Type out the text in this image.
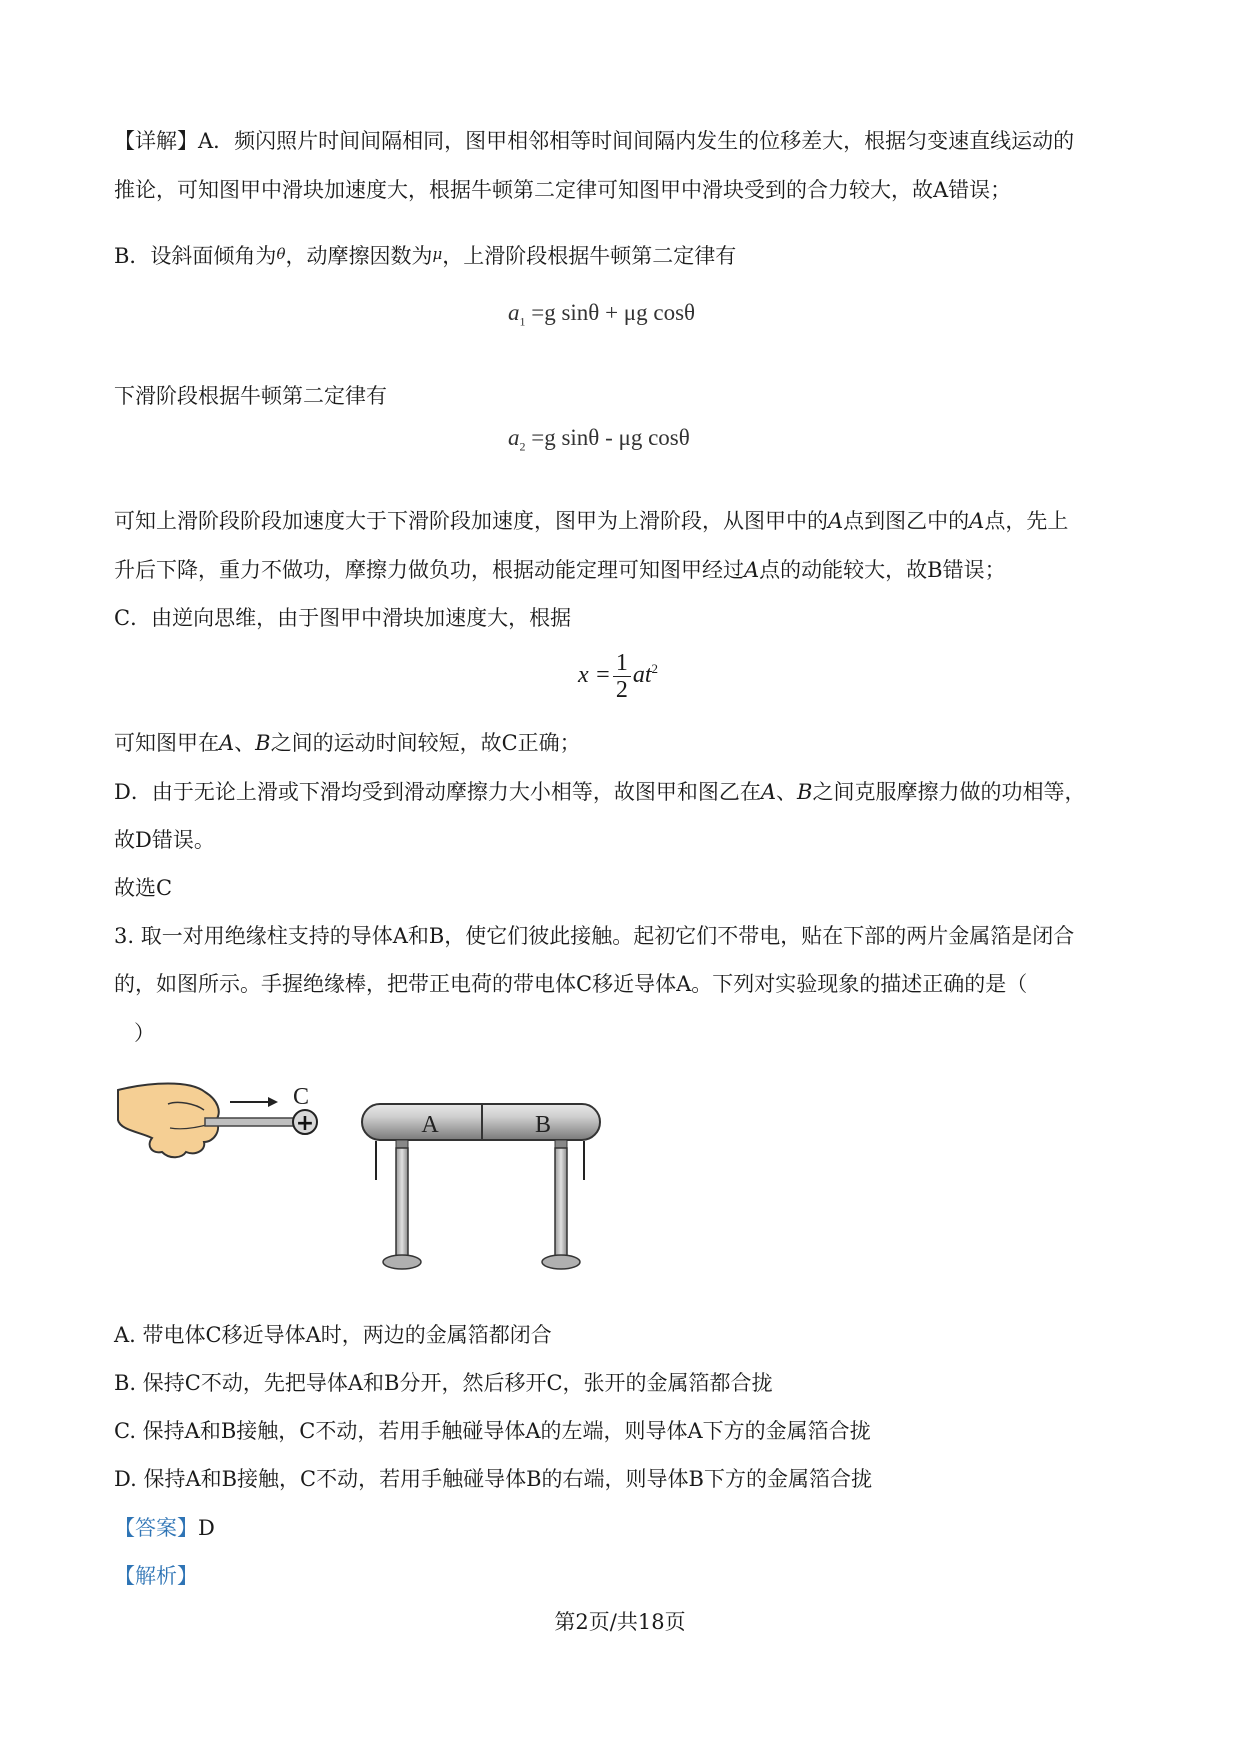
【详解】A．频闪照片时间间隔相同，图甲相邻相等时间间隔内发生的位移差大，根据匀变速直线运动的
推论，可知图甲中滑块加速度大，根据牛顿第二定律可知图甲中滑块受到的合力较大，故A错误；
B．设斜面倾角为θ，动摩擦因数为μ，上滑阶段根据牛顿第二定律有
$a_1 =g$ sinθ + μg cosθ
下滑阶段根据牛顿第二定律有
$a_2 =g$ sinθ - μg cosθ
可知上滑阶段阶段加速度大于下滑阶段加速度，图甲为上滑阶段，从图甲中的A点到图乙中的A点，先上
升后下降，重力不做功，摩擦力做负功，根据动能定理可知图甲经过A点的动能较大，故B错误；
C．由逆向思维，由于图甲中滑块加速度大，根据
$x = \frac{1}{2} at^2$
可知图甲在A、B之间的运动时间较短，故C正确；
D．由于无论上滑或下滑均受到滑动摩擦力大小相等，故图甲和图乙在A、B之间克服摩擦力做的功相等，
故D错误。
故选C
3. 取一对用绝缘柱支持的导体A和B，使它们彼此接触。起初它们不带电，贴在下部的两片金属箔是闭合
的，如图所示。手握绝缘棒，把带正电荷的带电体C移近导体A。下列对实验现象的描述正确的是（
）
C
+	A	B
A. 带电体C移近导体A时，两边的金属箔都闭合
B. 保持C不动，先把导体A和B分开，然后移开C，张开的金属箔都合拢
C. 保持A和B接触，C不动，若用手触碰导体A的左端，则导体A下方的金属箔合拢
D. 保持A和B接触，C不动，若用手触碰导体B的右端，则导体B下方的金属箔合拢
【答案】D
【解析】
第2页/共18页
